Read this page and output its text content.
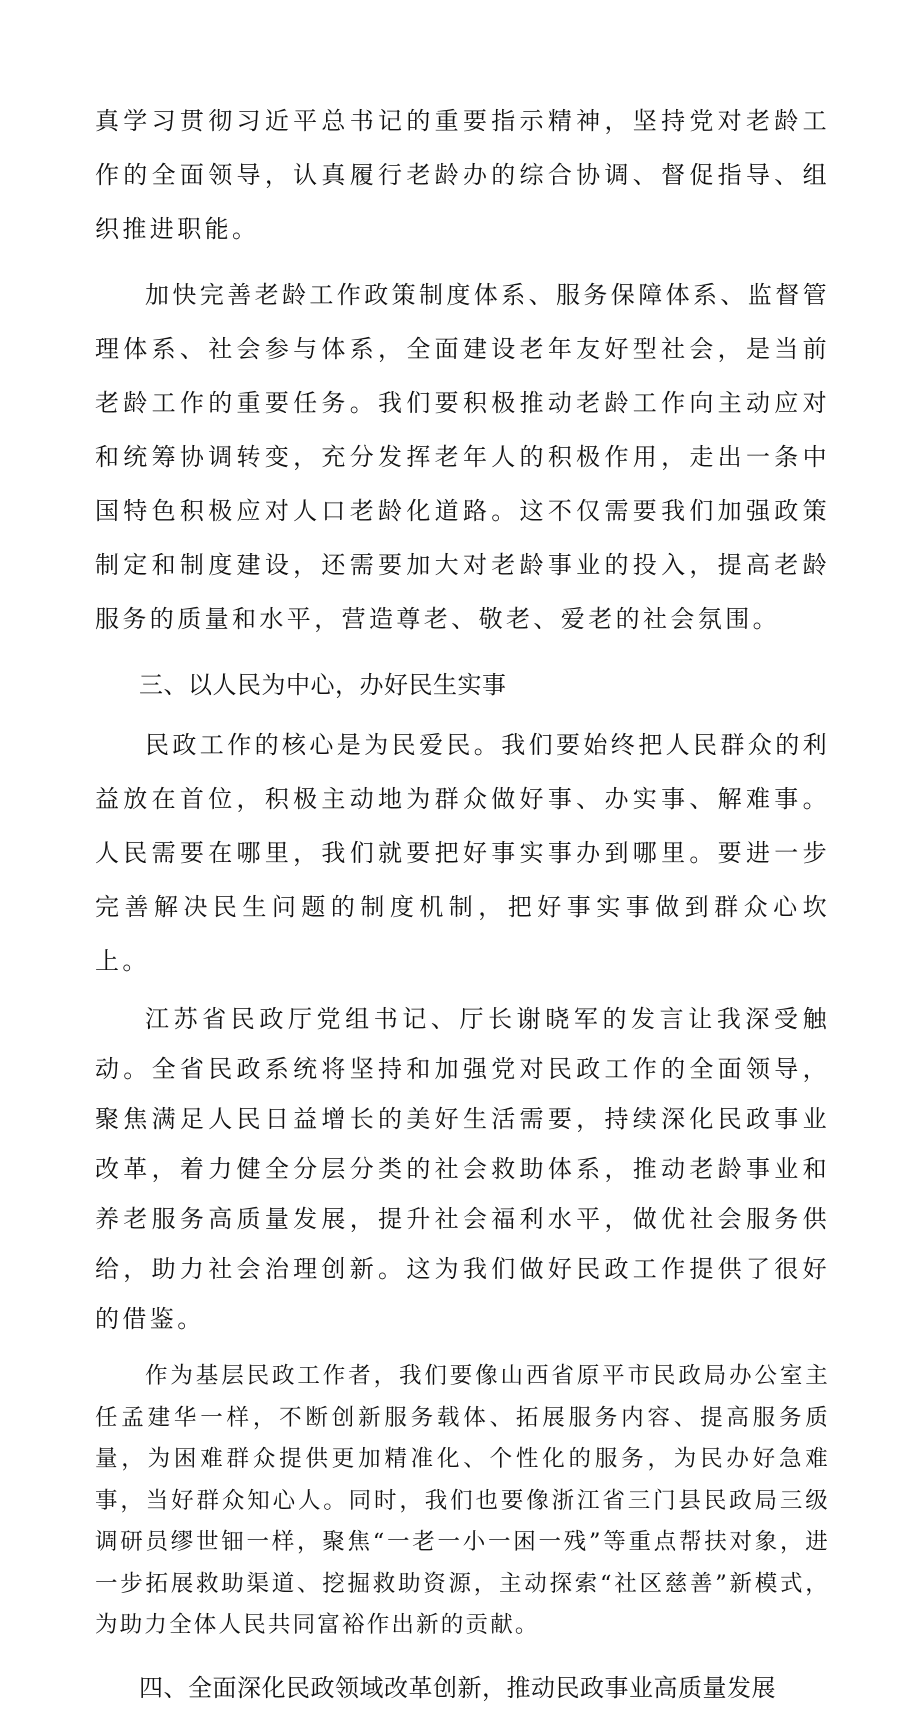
真学习贯彻习近平总书记的重要指示精神，坚持党对老龄工作的全面领导，认真履行老龄办的综合协调、督促指导、组织推进职能。

加快完善老龄工作政策制度体系、服务保障体系、监督管理体系、社会参与体系，全面建设老年友好型社会，是当前老龄工作的重要任务。我们要积极推动老龄工作向主动应对和统筹协调转变，充分发挥老年人的积极作用，走出一条中国特色积极应对人口老龄化道路。这不仅需要我们加强政策制定和制度建设，还需要加大对老龄事业的投入，提高老龄服务的质量和水平，营造尊老、敬老、爱老的社会氛围。

三、以人民为中心，办好民生实事

民政工作的核心是为民爱民。我们要始终把人民群众的利益放在首位，积极主动地为群众做好事、办实事、解难事。人民需要在哪里，我们就要把好事实事办到哪里。要进一步完善解决民生问题的制度机制，把好事实事做到群众心坎上。

江苏省民政厅党组书记、厅长谢晓军的发言让我深受触动。全省民政系统将坚持和加强党对民政工作的全面领导，聚焦满足人民日益增长的美好生活需要，持续深化民政事业改革，着力健全分层分类的社会救助体系，推动老龄事业和养老服务高质量发展，提升社会福利水平，做优社会服务供给，助力社会治理创新。这为我们做好民政工作提供了很好的借鉴。

作为基层民政工作者，我们要像山西省原平市民政局办公室主任孟建华一样，不断创新服务载体、拓展服务内容、提高服务质量，为困难群众提供更加精准化、个性化的服务，为民办好急难事，当好群众知心人。同时，我们也要像浙江省三门县民政局三级调研员缪世钿一样，聚焦“一老一小一困一残”等重点帮扶对象，进一步拓展救助渠道、挖掘救助资源，主动探索“社区慈善”新模式，为助力全体人民共同富裕作出新的贡献。

四、全面深化民政领域改革创新，推动民政事业高质量发展
